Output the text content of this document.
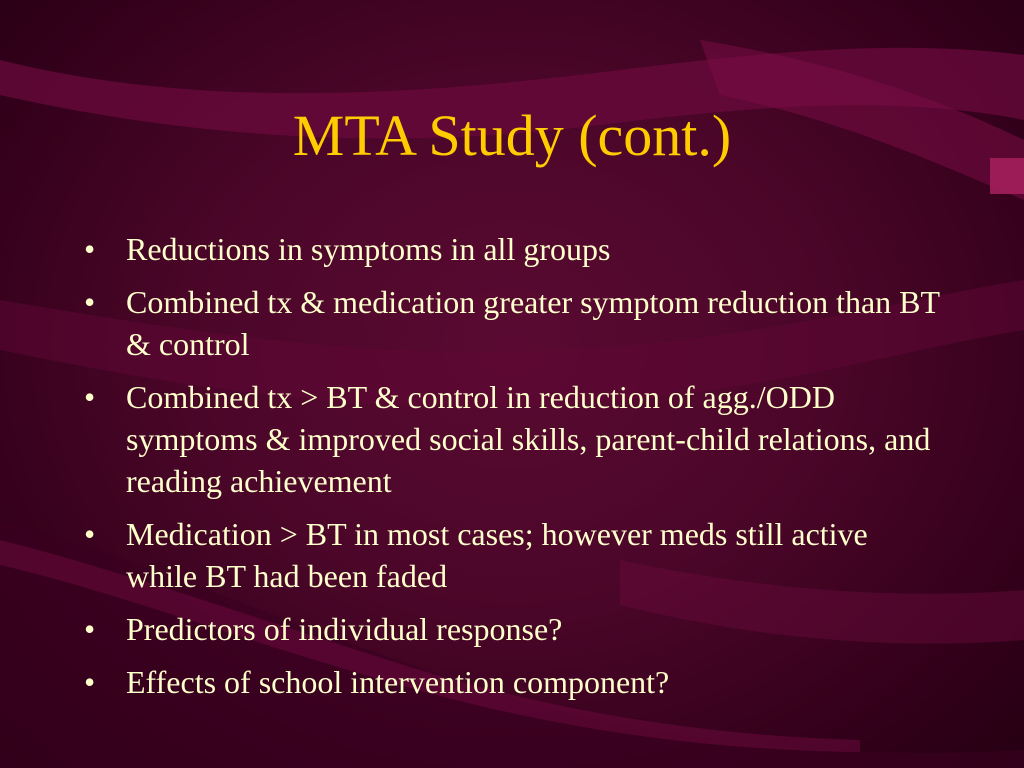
MTA Study (cont.)
• Reductions in symptoms in all groups
• Combined tx & medication greater symptom reduction than BT & control
• Combined tx > BT & control in reduction of agg./ODD symptoms & improved social skills, parent-child relations, and reading achievement
• Medication > BT in most cases; however meds still active while BT had been faded
• Predictors of individual response?
• Effects of school intervention component?
